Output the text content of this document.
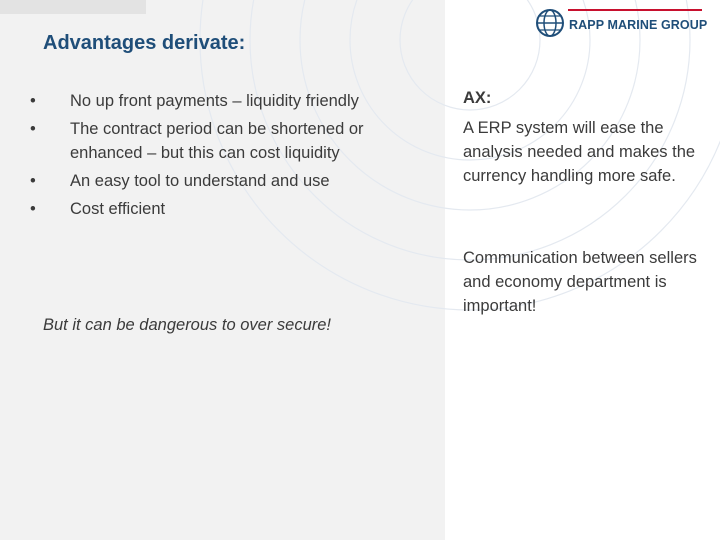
RAPP MARINE GROUP
Advantages derivate:
• No up front payments – liquidity friendly
• The contract period can be shortened or enhanced – but this can cost liquidity
• An easy tool to understand and use
• Cost efficient
But it can be dangerous to over secure!
AX:

A ERP system will ease the analysis needed and makes the currency handling more safe.

Communication between sellers and economy department is important!
